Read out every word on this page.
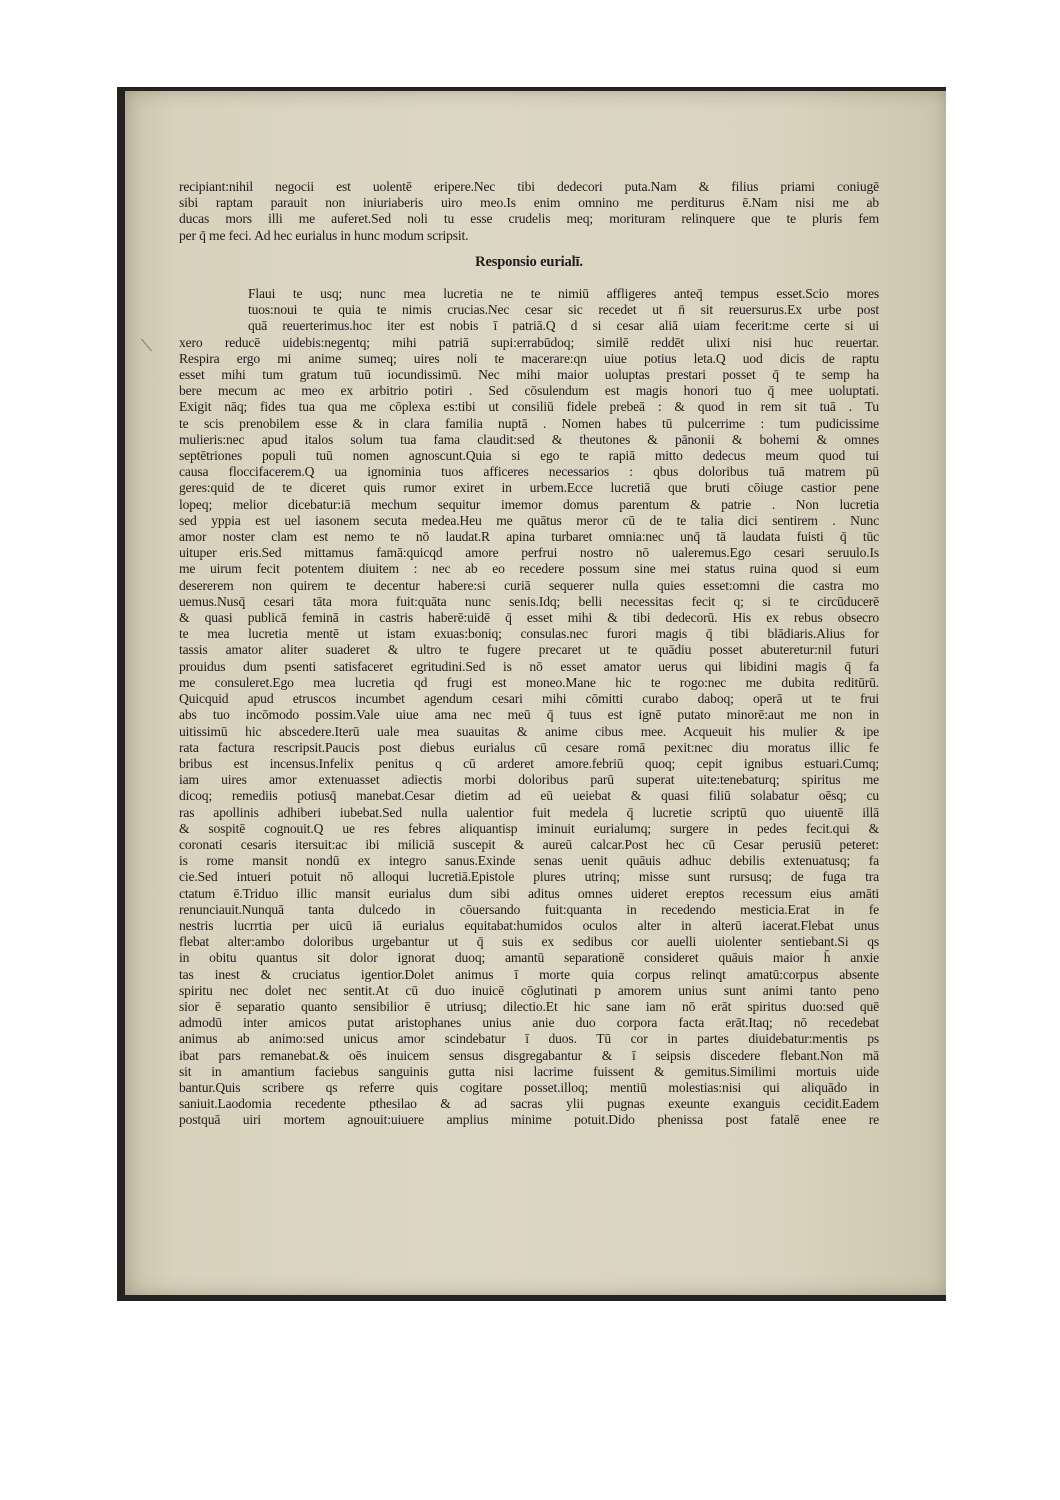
recipiant:nihil negocii est uolentē eripere.Nec tibi dedecori puta.Nam & filius priami coniugē
sibi raptam parauit non iniuriaberis uiro meo.Is enim omnino me perditurus ē.Nam nisi me ab
ducas mors illi me auferet.Sed noli tu esse crudelis meq; morituram relinquere que te pluris fem
per q̄ me feci. Ad hec eurialus in hunc modum scripsit.
Responsio eurialī.
Flaui te usq; nunc mea lucretia ne te nimiū affligeres anteq̄ tempus esset.Scio mores
tuos:noui te quia te nimis crucias.Nec cesar sic recedet ut n̄ sit reuersurus.Ex urbe post
quā reuerterimus.hoc iter est nobis ī patriā.Q d si cesar aliā uiam fecerit:me certe si ui
xero reducē uidebis:negentq; mihi patriā supi:errabūdoq; similē reddēt ulixi nisi huc reuertar.
Respira ergo mi anime sumeq; uires noli te macerare:qn uiue potius leta.Q uod dicis de raptu
esset mihi tum gratum tuū iocundissimū. Nec mihi maior uoluptas prestari posset q̄ te semp ha
bere mecum ac meo ex arbitrio potiri . Sed cōsulendum est magis honori tuo q̄ mee uoluptati.
Exigit nāq; fides tua qua me cōplexa es:tibi ut consiliū fidele prebeā : & quod in rem sit tuā . Tu
te scis prenobilem esse & in clara familia nuptā . Nomen habes tū pulcerrime : tum pudicissime
mulieris:nec apud italos solum tua fama claudit:sed & theutones & pānonii & bohemi & omnes
septētriones populi tuū nomen agnoscunt.Quia si ego te rapiā mitto dedecus meum quod tui
causa floccifacerem.Q ua ignominia tuos afficeres necessarios : qbus doloribus tuā matrem pū
geres:quid de te diceret quis rumor exiret in urbem.Ecce lucretiā que bruti cōiuge castior pene
lopeq; melior dicebatur:iā mechum sequitur imemor domus parentum & patrie . Non lucretia
sed yppia est uel iasonem secuta medea.Heu me quātus meror cū de te talia dici sentirem . Nunc
amor noster clam est nemo te nō laudat.R apina turbaret omnia:nec unq̄ tā laudata fuisti q̄ tūc
uituper eris.Sed mittamus famā:quicqd amore perfrui nostro nō ualeremus.Ego cesari seruulo.Is
me uirum fecit potentem diuitem : nec ab eo recedere possum sine mei status ruina quod si eum
desererem non quirem te decentur habere:si curiā sequerer nulla quies esset:omni die castra mo
uemus.Nusq̄ cesari tāta mora fuit:quāta nunc senis.Idq; belli necessitas fecit q; si te circūducerē
& quasi publicā feminā in castris haberē:uidē q̄ esset mihi & tibi dedecorū. His ex rebus obsecro
te mea lucretia mentē ut istam exuas:boniq; consulas.nec furori magis q̄ tibi blādiaris.Alius for
tassis amator aliter suaderet & ultro te fugere precaret ut te quādiu posset abuteretur:nil futuri
prouidus dum psenti satisfaceret egritudini.Sed is nō esset amator uerus qui libidini magis q̄ fa
me consuleret.Ego mea lucretia qd frugi est moneo.Mane hic te rogo:nec me dubita reditūrū.
Quicquid apud etruscos incumbet agendum cesari mihi cōmitti curabo daboq; operā ut te frui
abs tuo incōmodo possim.Vale uiue ama nec meū q̄ tuus est ignē putato minorē:aut me non in
uitissimū hic abscedere.Iterū uale mea suauitas & anime cibus mee. Acqueuit his mulier & ipe
rata factura rescripsit.Paucis post diebus eurialus cū cesare romā pexit:nec diu moratus illic fe
bribus est incensus.Infelix penitus q cū arderet amore.febriū quoq; cepit ignibus estuari.Cumq;
iam uires amor extenuasset adiectis morbi doloribus parū superat uite:tenebaturq; spiritus me
dicoq; remediis potiusq̄ manebat.Cesar dietim ad eū ueiebat & quasi filiū solabatur oēsq; cu
ras apollinis adhiberi iubebat.Sed nulla ualentior fuit medela q̄ lucretie scriptū quo uiuentē illā
& sospitē cognouit.Q ue res febres aliquantisp iminuit eurialumq; surgere in pedes fecit.qui &
coronati cesaris itersuit:ac ibi miliciā suscepit & aureū calcar.Post hec cū Cesar perusiū peteret:
is rome mansit nondū ex integro sanus.Exinde senas uenit quāuis adhuc debilis extenuatusq; fa
cie.Sed intueri potuit nō alloqui lucretiā.Epistole plures utrinq; misse sunt rursusq; de fuga tra
ctatum ē.Triduo illic mansit eurialus dum sibi aditus omnes uideret ereptos recessum eius amāti
renunciauit.Nunquā tanta dulcedo in cōuersando fuit:quanta in recedendo mesticia.Erat in fe
nestris lucrrtia per uicū iā eurialus equitabat:humidos oculos alter in alterū iacerat.Flebat unus
flebat alter:ambo doloribus urgebantur ut q̄ suis ex sedibus cor auelli uiolenter sentiebant.Si qs
in obitu quantus sit dolor ignorat duoq; amantū separationē consideret quāuis maior h̄ anxie
tas inest & cruciatus igentior.Dolet animus ī morte quia corpus relinqt amatū:corpus absente
spiritu nec dolet nec sentit.At cū duo inuicē cōglutinati p amorem unius sunt animi tanto peno
sior ē separatio quanto sensibilior ē utriusq; dilectio.Et hic sane iam nō erāt spiritus duo:sed quē
admodū inter amicos putat aristophanes unius anie duo corpora facta erāt.Itaq; nō recedebat
animus ab animo:sed unicus amor scindebatur ī duos. Tū cor in partes diuidebatur:mentis ps
ibat pars remanebat.& oēs inuicem sensus disgregabantur & ī seipsis discedere flebant.Non mā
sit in amantium faciebus sanguinis gutta nisi lacrime fuissent & gemitus.Similimi mortuis uide
bantur.Quis scribere qs referre quis cogitare posset.illoq; mentiū molestias:nisi qui aliquādo in
saniuit.Laodomia recedente pthesilao & ad sacras ylii pugnas exeunte exanguis cecidit.Eadem
postquā uiri mortem agnouit:uiuere amplius minime potuit.Dido phenissa post fatalē enee re
⟍
